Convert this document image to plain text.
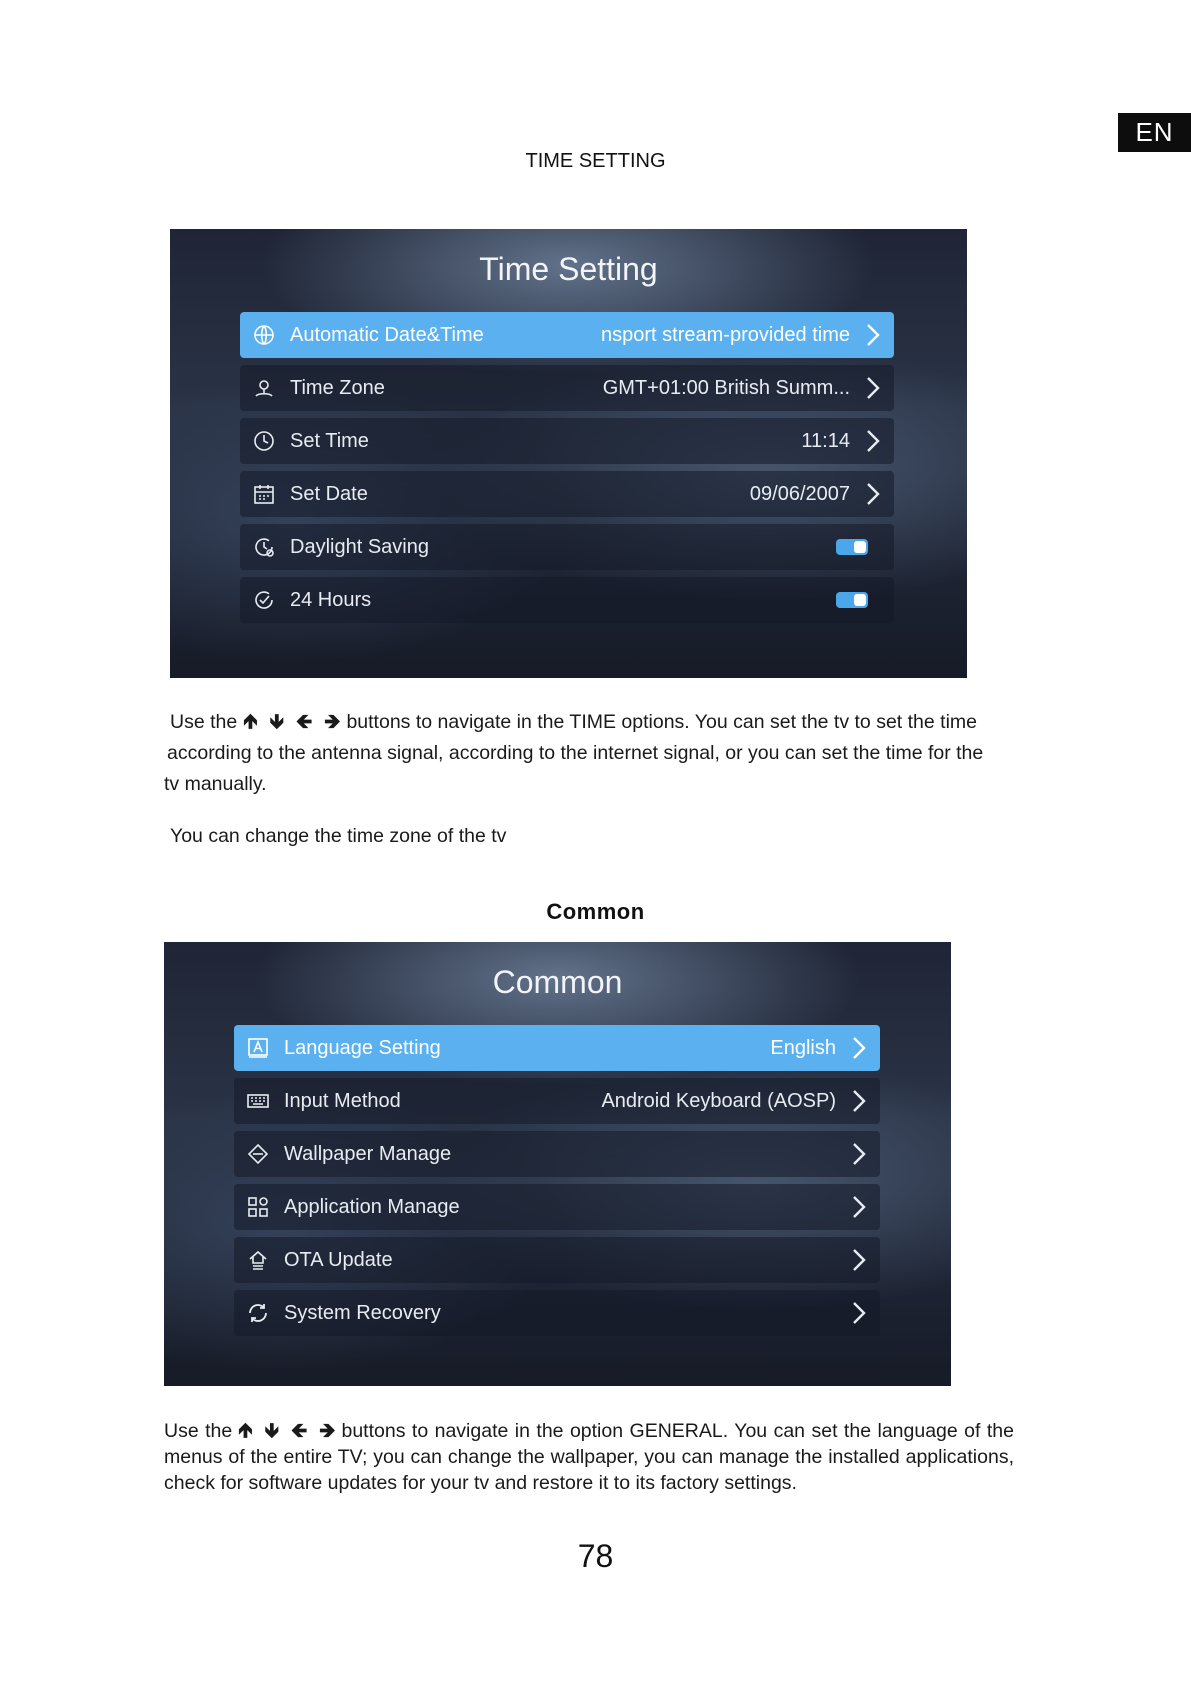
EN
TIME SETTING
Time Setting
Automatic Date&Time	nsport stream-provided time
Time Zone	GMT+01:00 British Summ...
Set Time	11:14
Set Date	09/06/2007
Daylight Saving
24 Hours
Use the 🡹 🡻 🡸 🡺 buttons to navigate in the TIME options. You can set the tv to set the time
according to the antenna signal, according to the internet signal, or you can set the time for the
tv manually.
You can change the time zone of the tv
Common
Common
Language Setting	English
Input Method	Android Keyboard (AOSP)
Wallpaper Manage
Application Manage
OTA Update
System Recovery
Use the 🡹 🡻 🡸 🡺 buttons to navigate in the option GENERAL. You can set the language of the menus of the entire TV; you can change the wallpaper, you can manage the installed applications, check for software updates for your tv and restore it to its factory settings.
78
